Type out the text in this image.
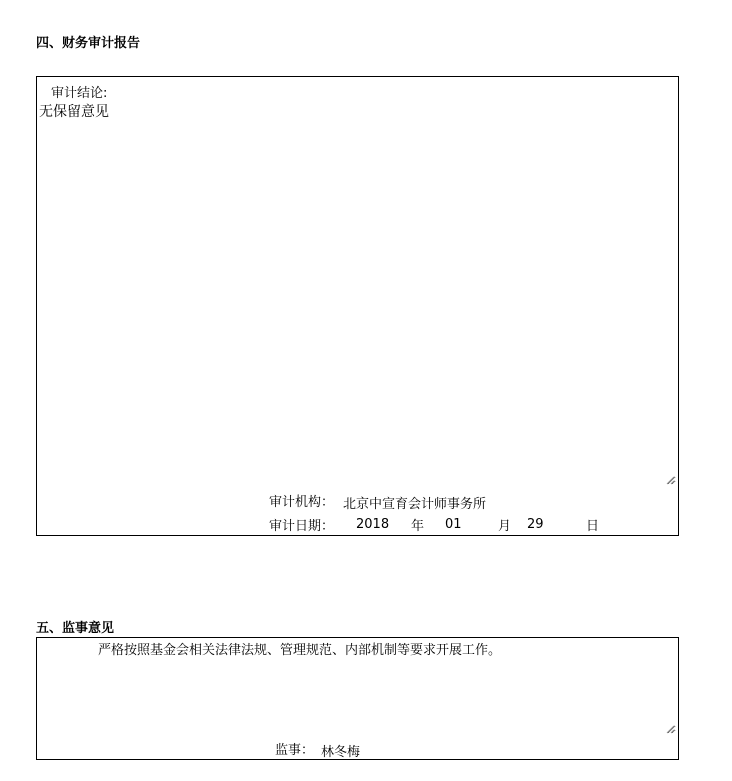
四、财务审计报告
审计结论:
无保留意见
审计机构： 北京中宣育会计师事务所
审计日期： 2018 年 01	月 29	日
五、监事意见
严格按照基金会相关法律法规、管理规范、内部机制等要求开展工作。
监事： 林冬梅
